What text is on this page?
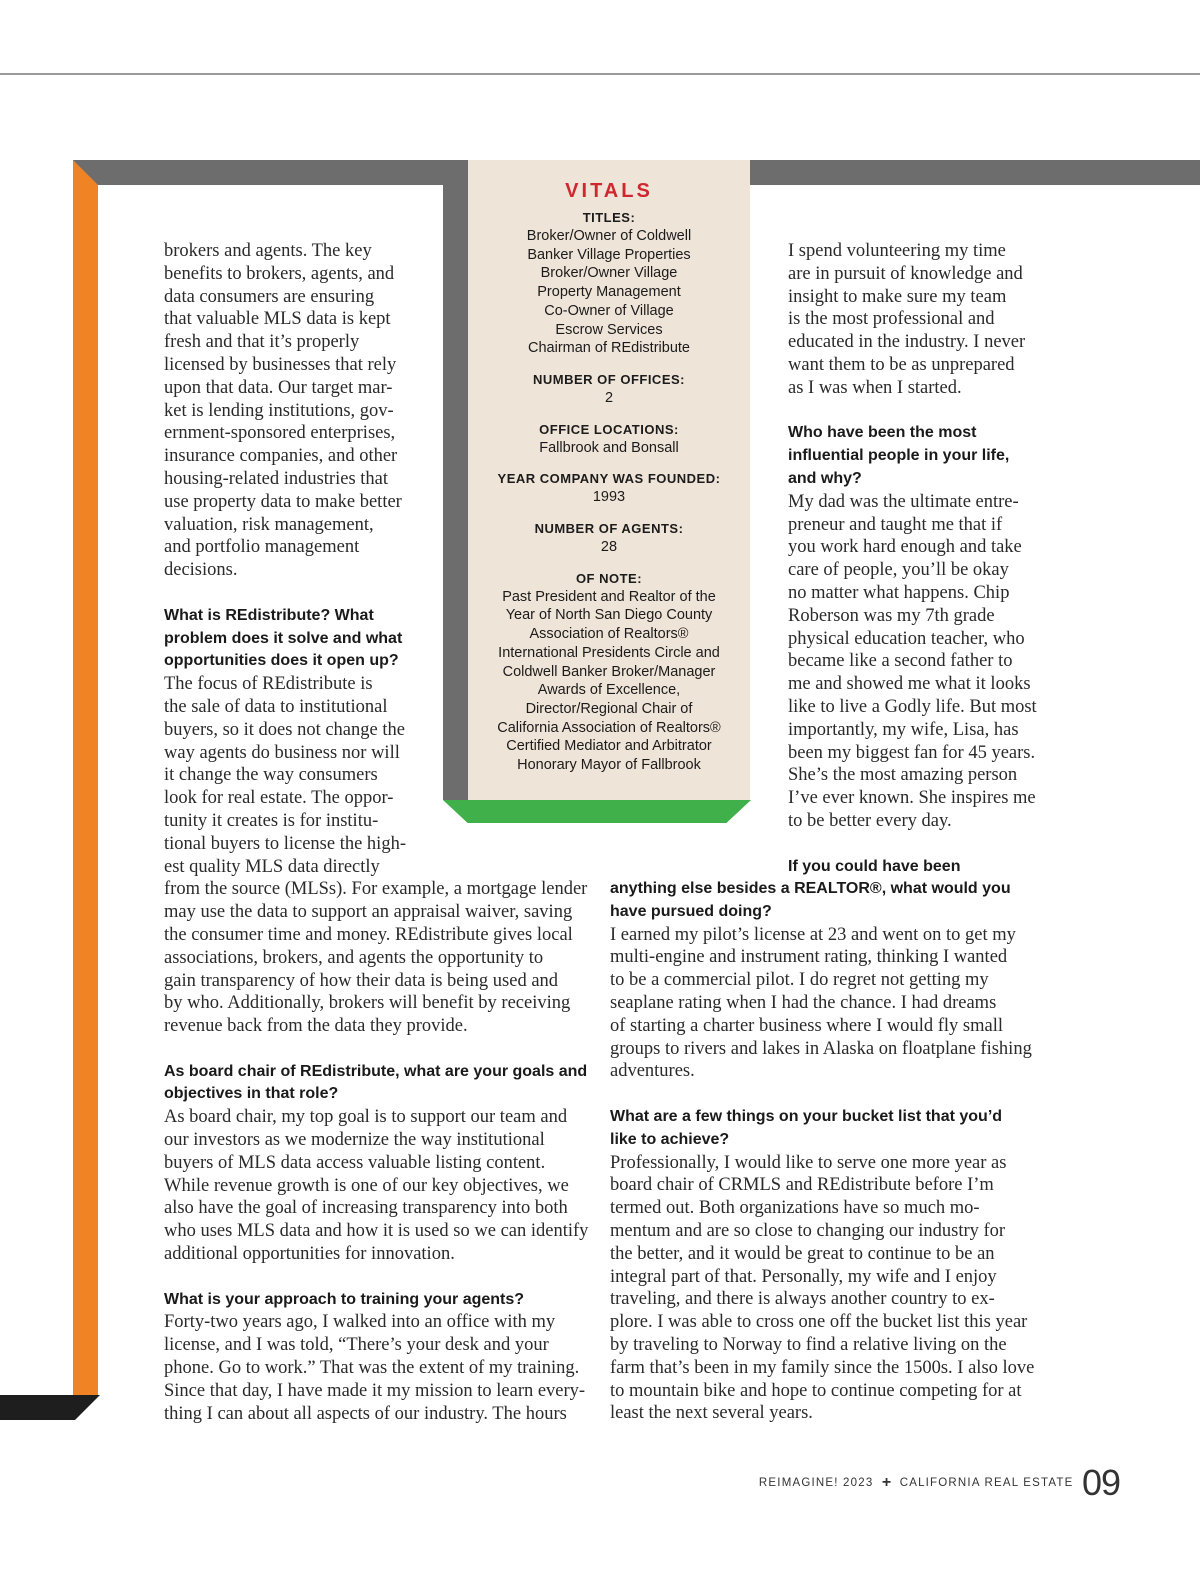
VITALS
TITLES:
Broker/Owner of Coldwell
Banker Village Properties
Broker/Owner Village
Property Management
Co-Owner of Village
Escrow Services
Chairman of REdistribute
NUMBER OF OFFICES:
2
OFFICE LOCATIONS:
Fallbrook and Bonsall
YEAR COMPANY WAS FOUNDED:
1993
NUMBER OF AGENTS:
28
OF NOTE:
Past President and Realtor of the
Year of North San Diego County
Association of Realtors®
International Presidents Circle and
Coldwell Banker Broker/Manager
Awards of Excellence,
Director/Regional Chair of
California Association of Realtors®
Certified Mediator and Arbitrator
Honorary Mayor of Fallbrook

brokers and agents. The key
benefits to brokers, agents, and
data consumers are ensuring
that valuable MLS data is kept
fresh and that it’s properly
licensed by businesses that rely
upon that data. Our target mar-
ket is lending institutions, gov-
ernment-sponsored enterprises,
insurance companies, and other
housing-related industries that
use property data to make better
valuation, risk management,
and portfolio management
decisions.

What is REdistribute? What
problem does it solve and what
opportunities does it open up?

The focus of REdistribute is
the sale of data to institutional
buyers, so it does not change the
way agents do business nor will
it change the way consumers
look for real estate. The oppor-
tunity it creates is for institu-
tional buyers to license the high-
est quality MLS data directly
from the source (MLSs). For example, a mortgage lender
may use the data to support an appraisal waiver, saving
the consumer time and money. REdistribute gives local
associations, brokers, and agents the opportunity to
gain transparency of how their data is being used and
by who. Additionally, brokers will benefit by receiving
revenue back from the data they provide.

As board chair of REdistribute, what are your goals and
objectives in that role?

As board chair, my top goal is to support our team and
our investors as we modernize the way institutional
buyers of MLS data access valuable listing content.
While revenue growth is one of our key objectives, we
also have the goal of increasing transparency into both
who uses MLS data and how it is used so we can identify
additional opportunities for innovation.

What is your approach to training your agents?

Forty-two years ago, I walked into an office with my
license, and I was told, “There’s your desk and your
phone. Go to work.” That was the extent of my training.
Since that day, I have made it my mission to learn every-
thing I can about all aspects of our industry. The hours

I spend volunteering my time
are in pursuit of knowledge and
insight to make sure my team
is the most professional and
educated in the industry. I never
want them to be as unprepared
as I was when I started.

Who have been the most
influential people in your life,
and why?

My dad was the ultimate entre-
preneur and taught me that if
you work hard enough and take
care of people, you’ll be okay
no matter what happens. Chip
Roberson was my 7th grade
physical education teacher, who
became like a second father to
me and showed me what it looks
like to live a Godly life. But most
importantly, my wife, Lisa, has
been my biggest fan for 45 years.
She’s the most amazing person
I’ve ever known. She inspires me
to be better every day.

If you could have been
anything else besides a REALTOR®, what would you
have pursued doing?

I earned my pilot’s license at 23 and went on to get my
multi-engine and instrument rating, thinking I wanted
to be a commercial pilot. I do regret not getting my
seaplane rating when I had the chance. I had dreams
of starting a charter business where I would fly small
groups to rivers and lakes in Alaska on floatplane fishing
adventures.

What are a few things on your bucket list that you’d
like to achieve?

Professionally, I would like to serve one more year as
board chair of CRMLS and REdistribute before I’m
termed out. Both organizations have so much mo-
mentum and are so close to changing our industry for
the better, and it would be great to continue to be an
integral part of that. Personally, my wife and I enjoy
traveling, and there is always another country to ex-
plore. I was able to cross one off the bucket list this year
by traveling to Norway to find a relative living on the
farm that’s been in my family since the 1500s. I also love
to mountain bike and hope to continue competing for at
least the next several years.

REIMAGINE! 2023 + CALIFORNIA REAL ESTATE 09
